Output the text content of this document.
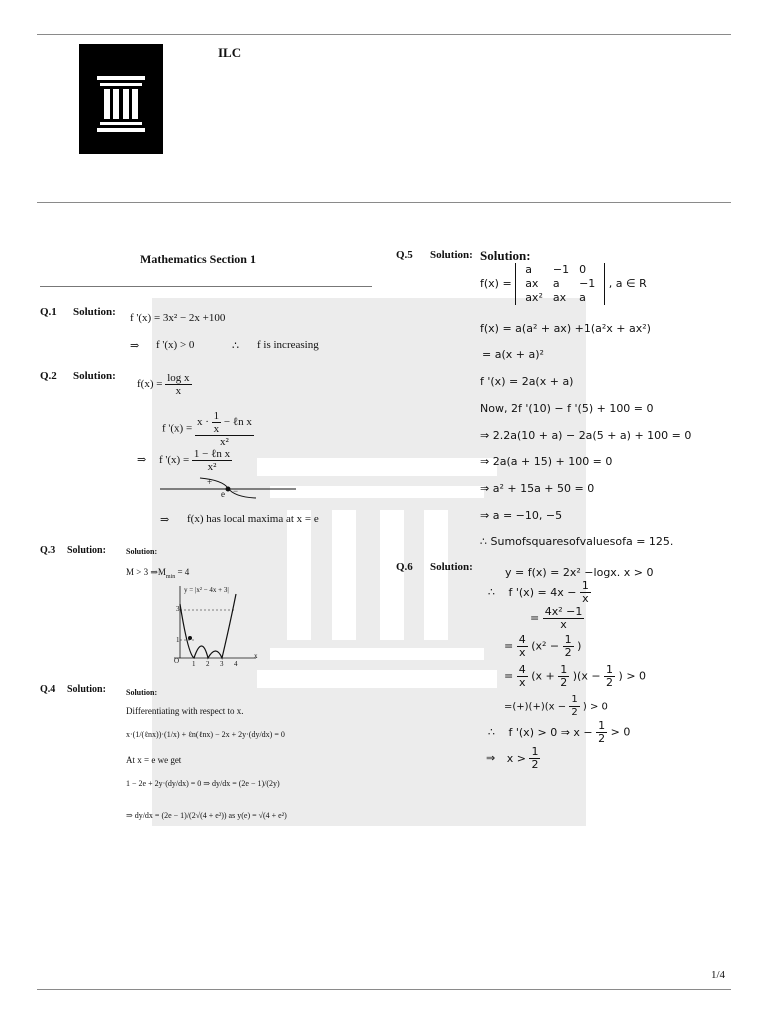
ILC
Mathematics Section 1
Q.1 Solution: f '(x) = 3x² − 2x +100
⇒ f '(x) > 0	∴ f is increasing
Q.2 Solution:
$f(x) = \frac{\text{log x}}{x}$
f '$(x) = \frac{x \cdot \frac{1}{x} - \ell n x}{\text{x²}}$
⇒ f '$(x) = \frac{\text{1 − ℓn x}}{\text{x²}}$
+
−
e
⇒ f(x) has local maxima at x = e
Q.3 Solution:	Solution:
M > 3 $\Rightarrow M_{min} = 4$
y = |x² − 4x + 3|
3
1
O 1 2 3 4
x
Q.4 Solution:	Solution:
Differentiating with respect to x.
x·(1/(ℓnx))·(1/x) + ℓn(ℓnx) − 2x + 2y·(dy/dx) = 0
At x = e we get
1 − 2e + 2y·(dy/dx) = 0 ⇒ dy/dx = (2e − 1)/(2y)
⇒ dy/dx = (2e − 1)/(2√(4 + e²)) as y(e) = √(4 + e²)
Q.5 Solution: Solution:
f(x) =
a	−1	0
ax	a	−1
ax²	ax	a
, a ∈ R
f(x) = a(a² + ax) +1(a²x + ax²)
= a(x + a)²
f '(x) = 2a(x + a)
Now, 2f '(10) − f '(5) + 100 = 0
⇒ 2.2a(10 + a) − 2a(5 + a) + 100 = 0
⇒ 2a(a + 15) + 100 = 0
⇒ a² + 15a + 50 = 0
⇒ a = −10, −5
∴ Sumofsquaresofvaluesofa = 125.
Q.6 Solution:	y = f(x) = 2x² −logx. x > 0
∴ f '$(x) = 4x - \frac{1}{x}$
= $\frac{\text{4x² −1}}{x}$
= $\frac{4}{x} (x^2 - \frac{1}{2}$ )
= $\frac{4}{x} (x + \frac{1}{2} )(x - \frac{1}{2}$ ) > 0
$=(+)(+)(x - \frac{1}{2}$ ) > 0
∴ f '(x) > 0 ⇒ $x - \frac{1}{2} > 0$
⇒ $x > \frac{1}{2}$
1/4
